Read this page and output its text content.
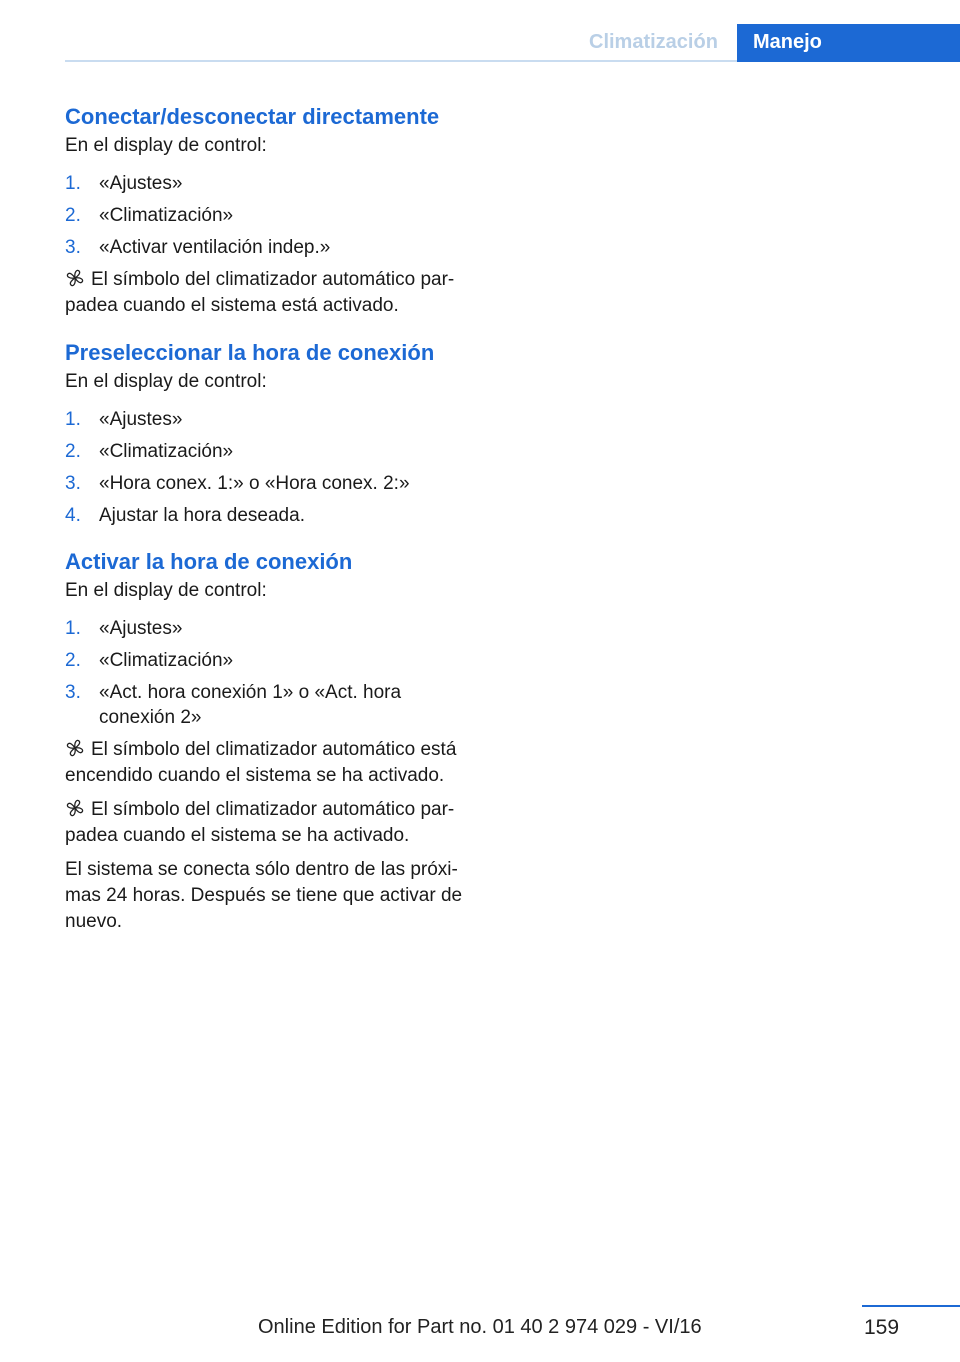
Climatización Manejo
Conectar/desconectar directamente

En el display de control:

1. «Ajustes»
2. «Climatización»
3. «Activar ventilación indep.»

El símbolo del climatizador automático par‐padea cuando el sistema está activado.

Preseleccionar la hora de conexión

En el display de control:

1. «Ajustes»
2. «Climatización»
3. «Hora conex. 1:» o «Hora conex. 2:»
4. Ajustar la hora deseada.
Activar la hora de conexión

En el display de control:

1. «Ajustes»
2. «Climatización»
3. «Act. hora conexión 1» o «Act. hora conexión 2»

El símbolo del climatizador automático está encendido cuando el sistema se ha activado.

El símbolo del climatizador automático par‐padea cuando el sistema se ha activado.

El sistema se conecta sólo dentro de las próxi‐mas 24 horas. Después se tiene que activar de nuevo.

159
Online Edition for Part no. 01 40 2 974 029 - VI/16
